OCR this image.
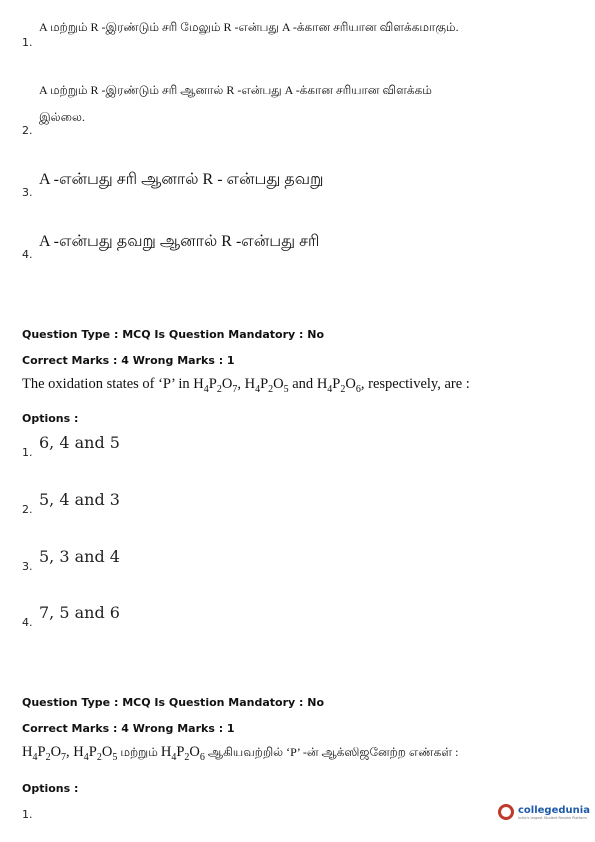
1.
A மற்றும் R -இரண்டும் சரி மேலும் R -என்பது A -க்கான சரியான விளக்கமாகும்.
2.
A மற்றும் R -இரண்டும் சரி ஆனால் R -என்பது A -க்கான சரியான விளக்கம்
இல்லை.
3.
A -என்பது சரி ஆனால் R - என்பது தவறு
4.
A -என்பது தவறு ஆனால் R -என்பது சரி
Question Type : MCQ Is Question Mandatory : No
Correct Marks : 4 Wrong Marks : 1
The oxidation states of ‘P’ in $H_4P_2O_7$, $H_4P_2O_5$ and $H_4P_2O_6$, respectively, are :
Options :
1.
6, 4 and 5
2.
5, 4 and 3
3.
5, 3 and 4
4.
7, 5 and 6
Question Type : MCQ Is Question Mandatory : No
Correct Marks : 4 Wrong Marks : 1
$H_4P_2O_7$, $H_4P_2O_5$ மற்றும் $H_4P_2O_6$ ஆகியவற்றில் ‘P’ -ன் ஆக்ஸிஜனேற்ற எண்கள் :
Options :
1.	collegedunia
India's largest Student Review Platform
